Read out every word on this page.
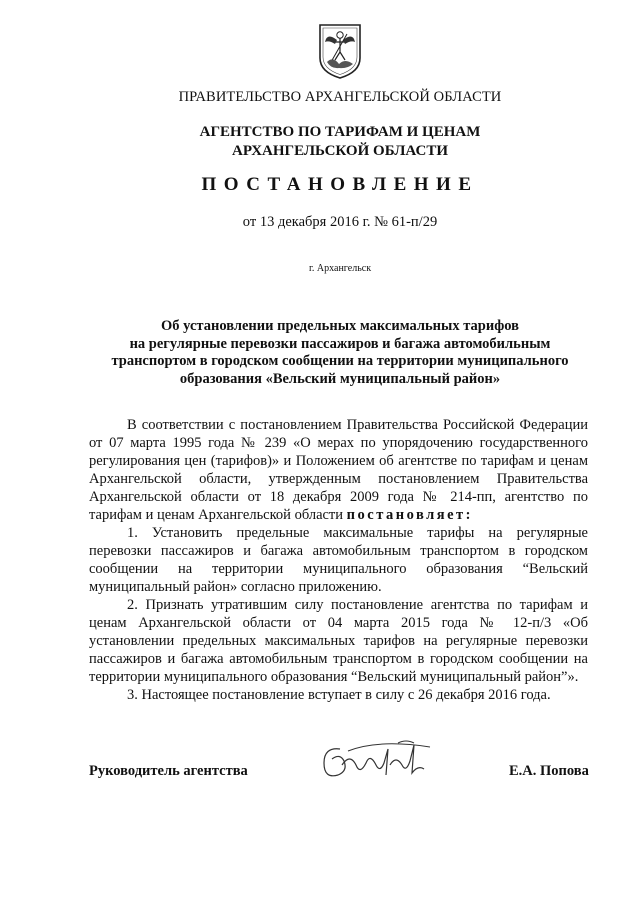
ПРАВИТЕЛЬСТВО АРХАНГЕЛЬСКОЙ ОБЛАСТИ
АГЕНТСТВО ПО ТАРИФАМ И ЦЕНАМ
АРХАНГЕЛЬСКОЙ ОБЛАСТИ
ПОСТАНОВЛЕНИЕ
от 13 декабря 2016 г. № 61-п/29
г. Архангельск
Об установлении предельных максимальных тарифов
на регулярные перевозки пассажиров и багажа автомобильным
транспортом в городском сообщении на территории муниципального
образования «Вельский муниципальный район»

В соответствии с постановлением Правительства Российской Федерации от 07 марта 1995 года № 239 «О мерах по упорядочению государственного регулирования цен (тарифов)» и Положением об агентстве по тарифам и ценам Архангельской области, утвержденным постановлением Правительства Архангельской области от 18 декабря 2009 года № 214-пп, агентство по тарифам и ценам Архангельской области постановляет:

1. Установить предельные максимальные тарифы на регулярные перевозки пассажиров и багажа автомобильным транспортом в городском сообщении на территории муниципального образования “Вельский муниципальный район» согласно приложению.

2. Признать утратившим силу постановление агентства по тарифам и ценам Архангельской области от 04 марта 2015 года № 12-п/3 «Об установлении предельных максимальных тарифов на регулярные перевозки пассажиров и багажа автомобильным транспортом в городском сообщении на территории муниципального образования “Вельский муниципальный район”».

3. Настоящее постановление вступает в силу с 26 декабря 2016 года.

Руководитель агентства	Е.А. Попова
